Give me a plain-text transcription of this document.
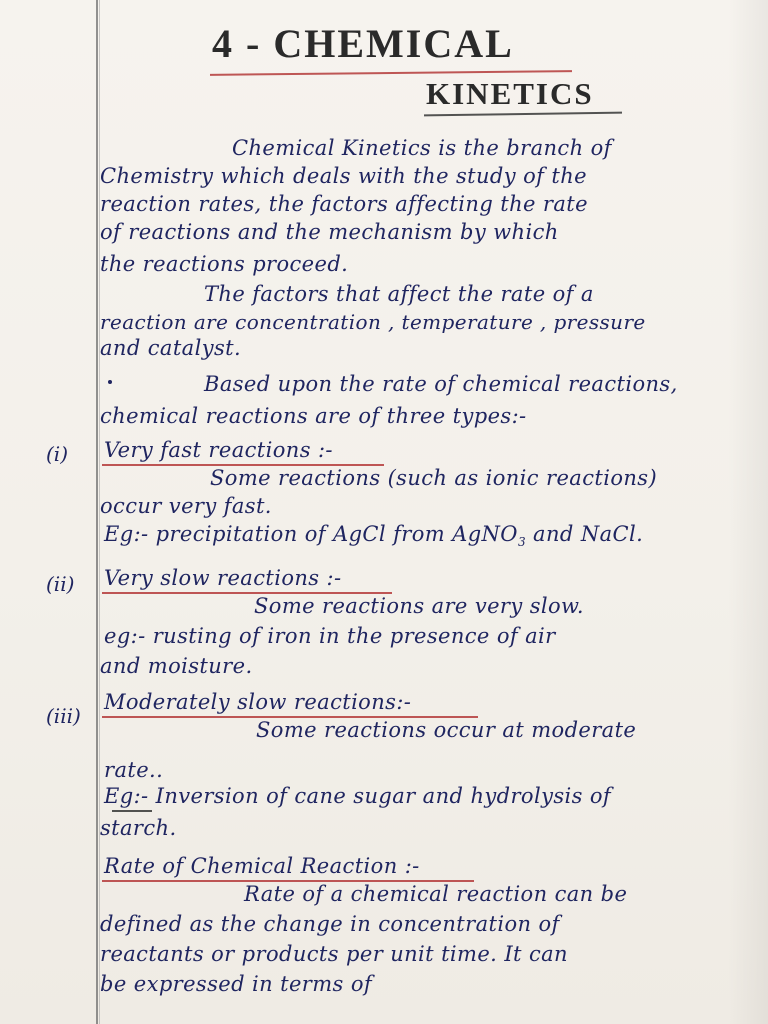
4 - CHEMICAL
KINETICS
Chemical Kinetics is the branch of
Chemistry which deals with the study of the
reaction rates, the factors affecting the rate
of reactions and the mechanism by which
the reactions proceed.
The factors that affect the rate of a
reaction are concentration , temperature , pressure
and catalyst.
Based upon the rate of chemical reactions,
chemical reactions are of three types:-
(i) Very fast reactions :-
Some reactions (such as ionic reactions)
occur very fast.
Eg:- precipitation of AgCl from AgNO$_3$ and NaCl.
(ii) Very slow reactions :-
Some reactions are very slow.
eg:- rusting of iron in the presence of air
and moisture.
(iii)
Moderately slow reactions:-
Some reactions occur at moderate
rate..
Eg:- Inversion of cane sugar and hydrolysis of
starch.
Rate of Chemical Reaction :-
Rate of a chemical reaction can be
defined as the change in concentration of
reactants or products per unit time. It can
be expressed in terms of
